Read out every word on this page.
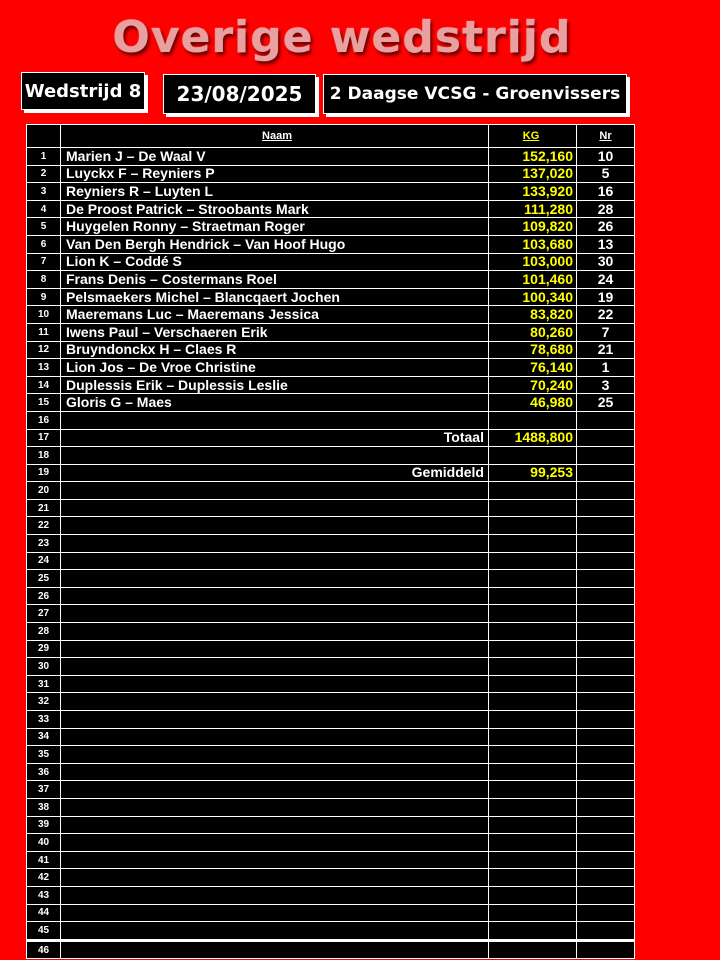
Overige wedstrijd
Wedstrijd 8	23/08/2025	2 Daagse VCSG - Groenvissers
	Naam	KG	Nr
1	Marien J – De Waal V	152,160	10
2	Luyckx F – Reyniers P	137,020	5
3	Reyniers R – Luyten L	133,920	16
4	De Proost Patrick – Stroobants Mark	111,280	28
5	Huygelen Ronny – Straetman Roger	109,820	26
6	Van Den Bergh Hendrick – Van Hoof Hugo	103,680	13
7	Lion K – Coddé S	103,000	30
8	Frans Denis – Costermans Roel	101,460	24
9	Pelsmaekers Michel – Blancqaert Jochen	100,340	19
10	Maeremans Luc – Maeremans Jessica	83,820	22
11	Iwens Paul – Verschaeren Erik	80,260	7
12	Bruyndonckx H – Claes R	78,680	21
13	Lion Jos – De Vroe Christine	76,140	1
14	Duplessis Erik – Duplessis Leslie	70,240	3
15	Gloris G – Maes	46,980	25
16			
17	Totaal	1488,800	
18			
19	Gemiddeld	99,253	
20			
21			
22			
23			
24			
25			
26			
27			
28			
29			
30			
31			
32			
33			
34			
35			
36			
37			
38			
39			
40			
41			
42			
43			
44			
45			
46			
